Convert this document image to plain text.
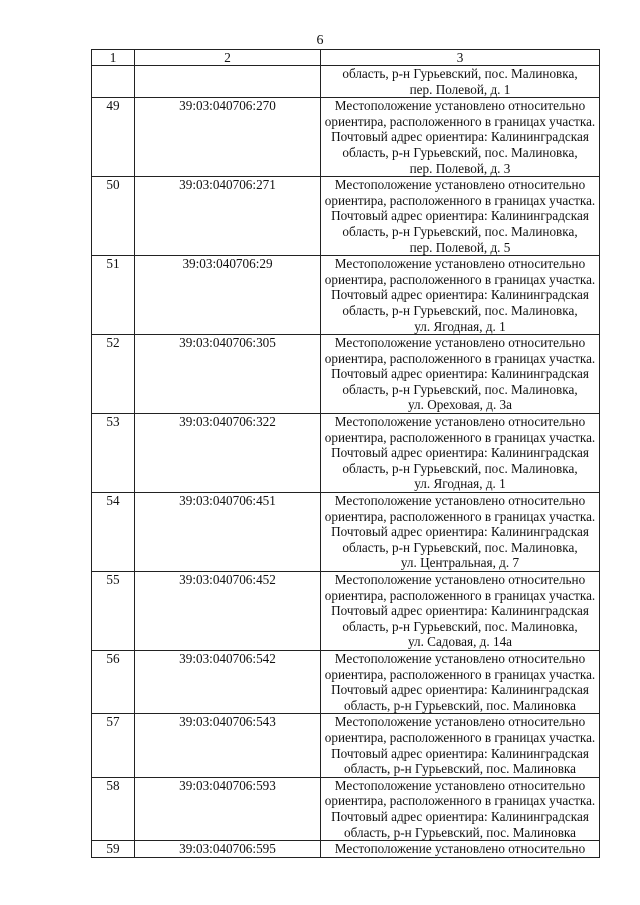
6
1	2	3

		область, р-н Гурьевский, пос. Малиновка,
пер. Полевой, д. 1

49	39:03:040706:270	Местоположение установлено относительно
ориентира, расположенного в границах участка.
Почтовый адрес ориентира: Калининградская
область, р-н Гурьевский, пос. Малиновка,
пер. Полевой, д. 3

50	39:03:040706:271	Местоположение установлено относительно
ориентира, расположенного в границах участка.
Почтовый адрес ориентира: Калининградская
область, р-н Гурьевский, пос. Малиновка,
пер. Полевой, д. 5

51	39:03:040706:29	Местоположение установлено относительно
ориентира, расположенного в границах участка.
Почтовый адрес ориентира: Калининградская
область, р-н Гурьевский, пос. Малиновка,
ул. Ягодная, д. 1

52	39:03:040706:305	Местоположение установлено относительно
ориентира, расположенного в границах участка.
Почтовый адрес ориентира: Калининградская
область, р-н Гурьевский, пос. Малиновка,
ул. Ореховая, д. 3а

53	39:03:040706:322	Местоположение установлено относительно
ориентира, расположенного в границах участка.
Почтовый адрес ориентира: Калининградская
область, р-н Гурьевский, пос. Малиновка,
ул. Ягодная, д. 1

54	39:03:040706:451	Местоположение установлено относительно
ориентира, расположенного в границах участка.
Почтовый адрес ориентира: Калининградская
область, р-н Гурьевский, пос. Малиновка,
ул. Центральная, д. 7

55	39:03:040706:452	Местоположение установлено относительно
ориентира, расположенного в границах участка.
Почтовый адрес ориентира: Калининградская
область, р-н Гурьевский, пос. Малиновка,
ул. Садовая, д. 14а

56	39:03:040706:542	Местоположение установлено относительно
ориентира, расположенного в границах участка.
Почтовый адрес ориентира: Калининградская
область, р-н Гурьевский, пос. Малиновка

57	39:03:040706:543	Местоположение установлено относительно
ориентира, расположенного в границах участка.
Почтовый адрес ориентира: Калининградская
область, р-н Гурьевский, пос. Малиновка

58	39:03:040706:593	Местоположение установлено относительно
ориентира, расположенного в границах участка.
Почтовый адрес ориентира: Калининградская
область, р-н Гурьевский, пос. Малиновка

59	39:03:040706:595	Местоположение установлено относительно
